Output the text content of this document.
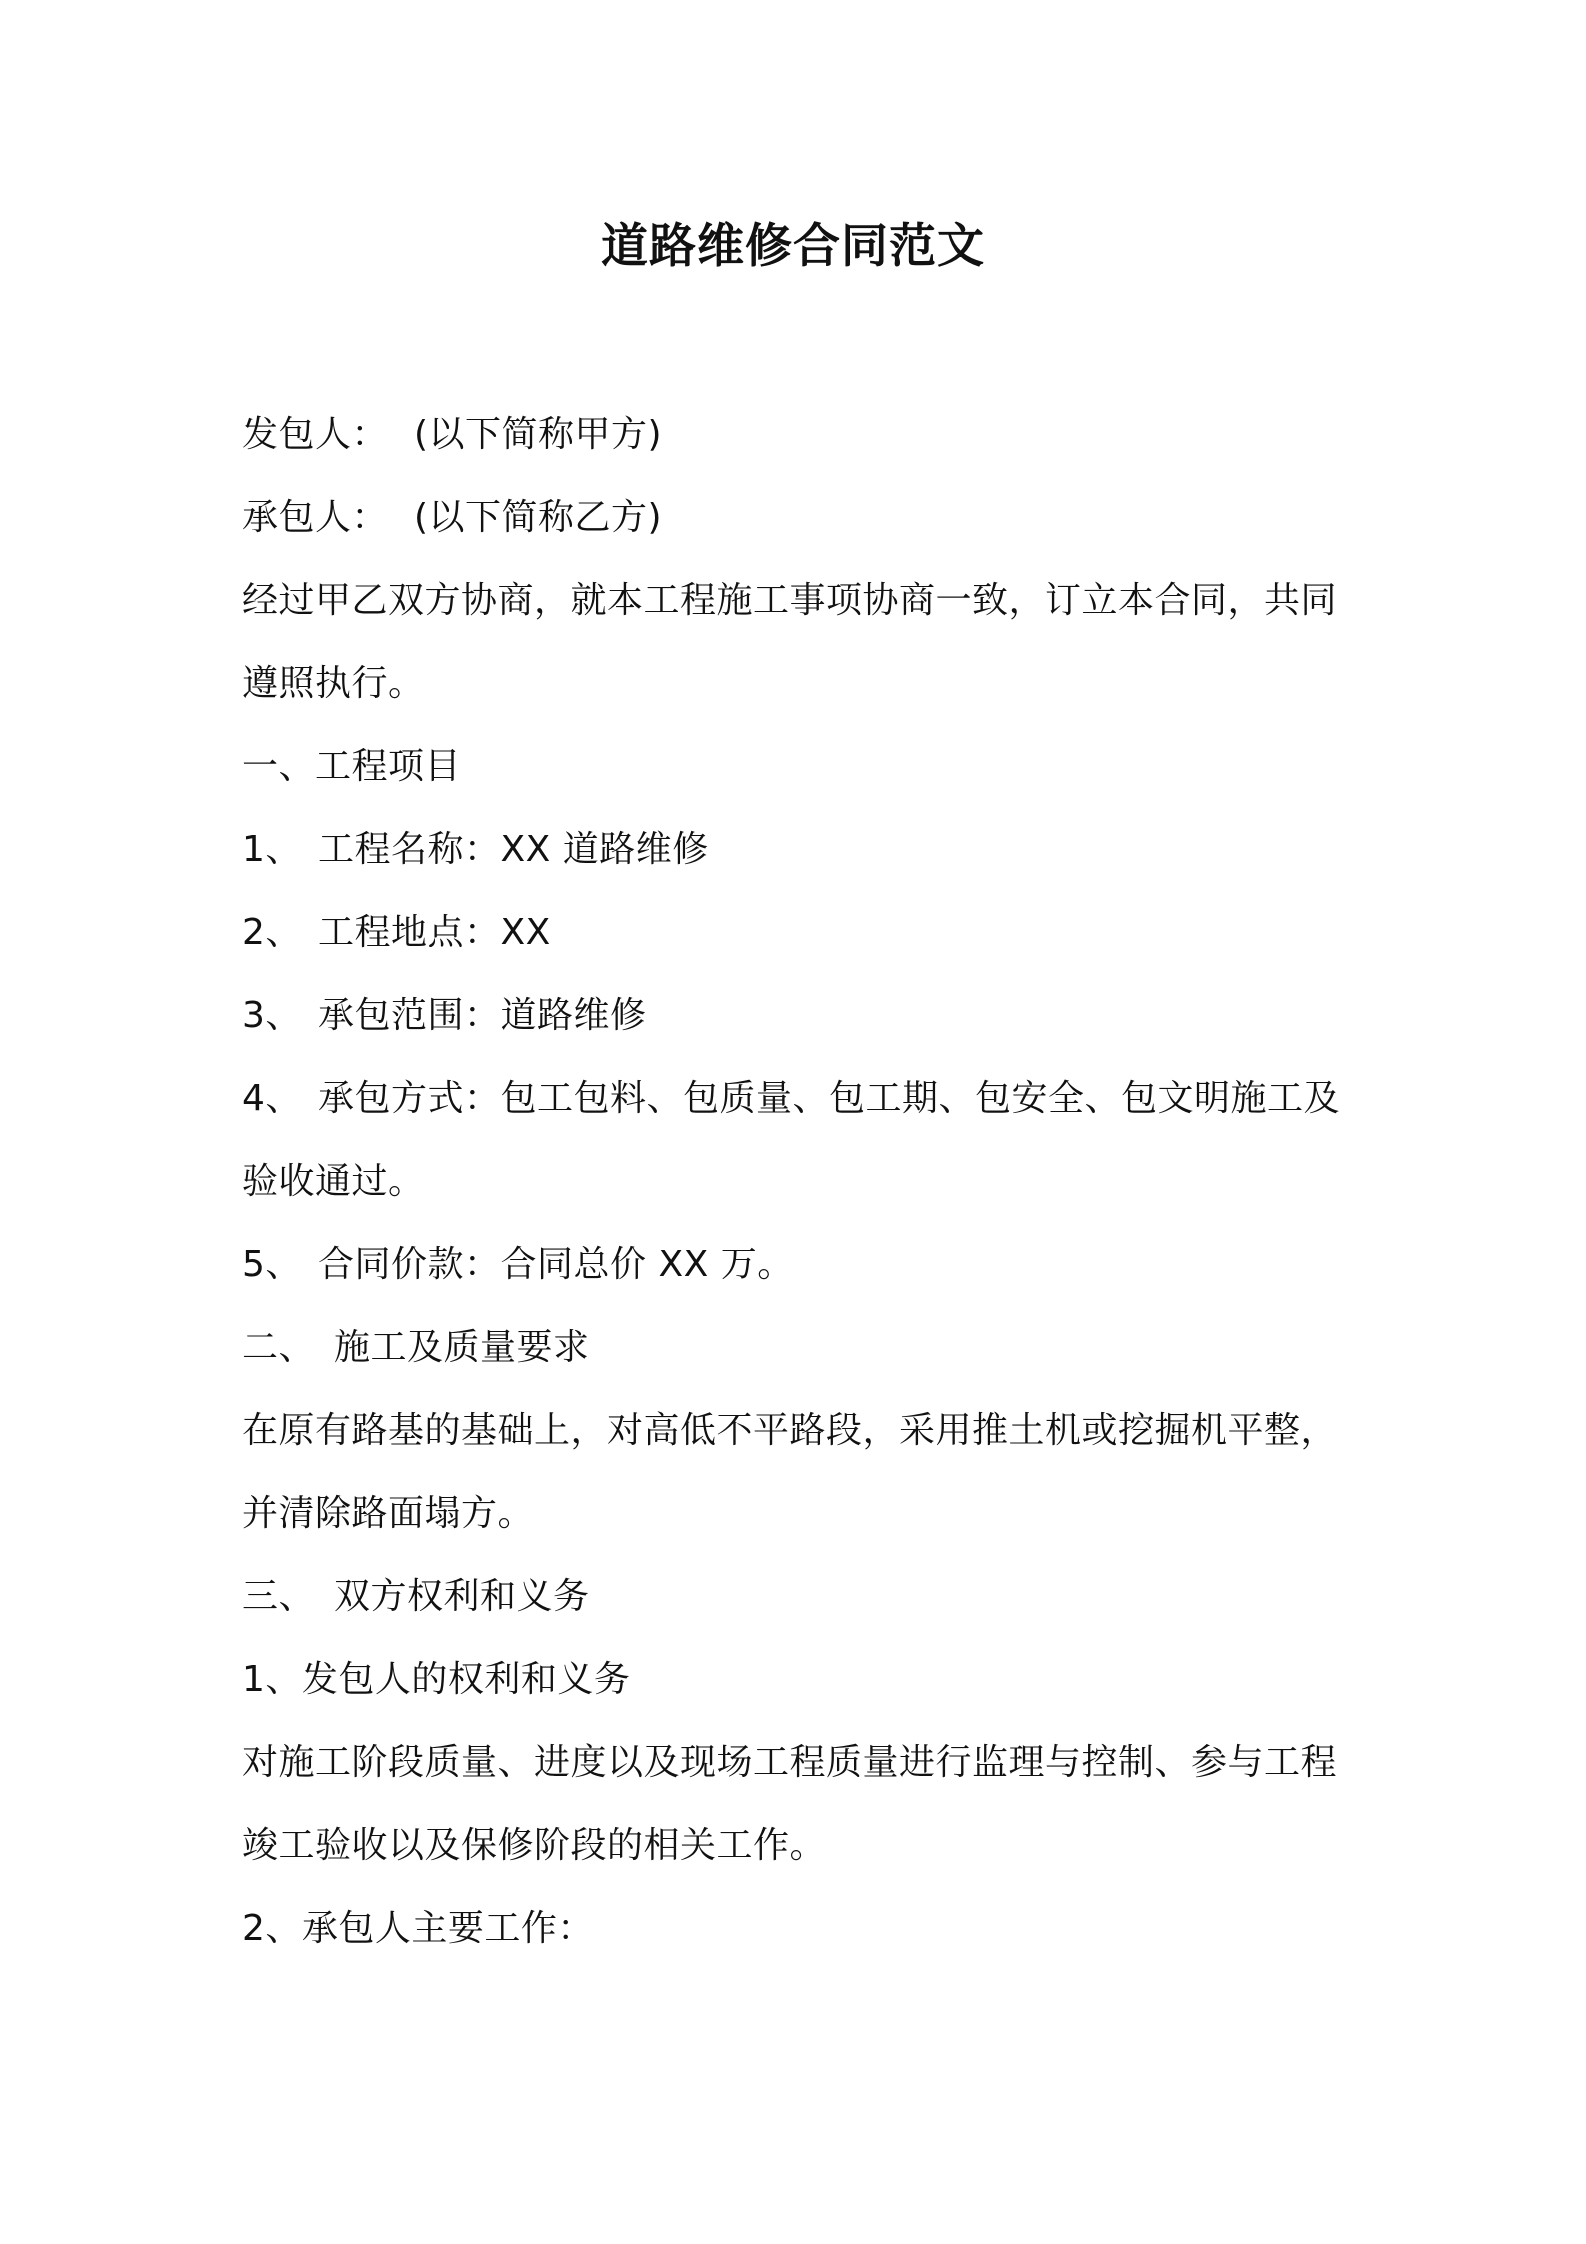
道路维修合同范文
发包人： (以下简称甲方)
承包人： (以下简称乙方)
经过甲乙双方协商，就本工程施工事项协商一致，订立本合同，共同
遵照执行。
一、工程项目
1、 工程名称：XX 道路维修
2、 工程地点：XX
3、 承包范围：道路维修
4、 承包方式：包工包料、包质量、包工期、包安全、包文明施工及
验收通过。
5、 合同价款：合同总价 XX 万。
二、 施工及质量要求
在原有路基的基础上，对高低不平路段，采用推土机或挖掘机平整，
并清除路面塌方。
三、 双方权利和义务
1、发包人的权利和义务
对施工阶段质量、进度以及现场工程质量进行监理与控制、参与工程
竣工验收以及保修阶段的相关工作。
2、承包人主要工作：
